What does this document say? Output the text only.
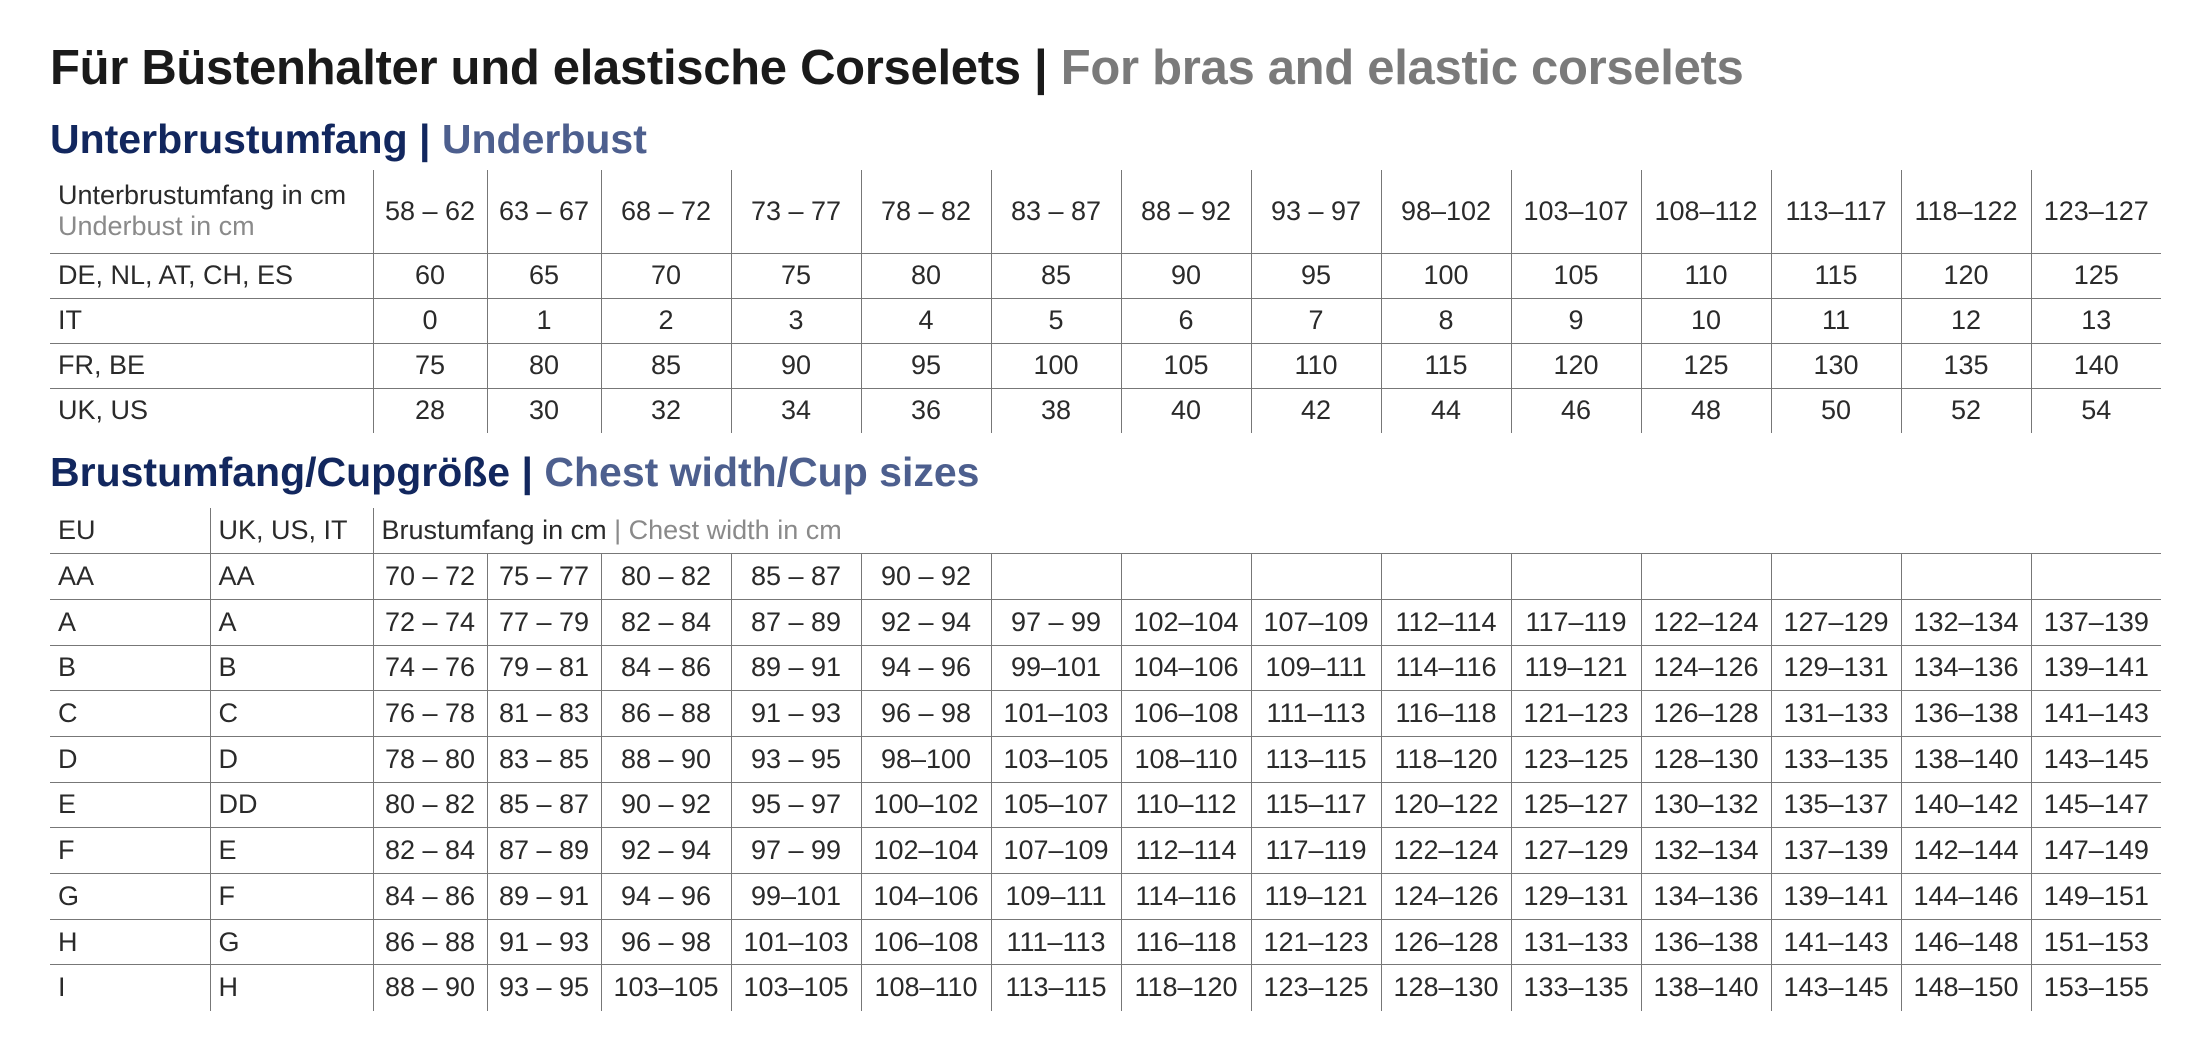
Für Büstenhalter und elastische Corselets | For bras and elastic corselets
Unterbrustumfang | Underbust
Unterbrustumfang in cm
Underbust in cm	58 – 62	63 – 67	68 – 72	73 – 77	78 – 82	83 – 87	88 – 92	93 – 97	98–102	103–107	108–112	113–117	118–122	123–127
DE, NL, AT, CH, ES	60	65	70	75	80	85	90	95	100	105	110	115	120	125
IT	0	1	2	3	4	5	6	7	8	9	10	11	12	13
FR, BE	75	80	85	90	95	100	105	110	115	120	125	130	135	140
UK, US	28	30	32	34	36	38	40	42	44	46	48	50	52	54
Brustumfang/Cupgröße | Chest width/Cup sizes
EU	UK, US, IT	Brustumfang in cm | Chest width in cm													
AA	AA	70 – 72	75 – 77	80 – 82	85 – 87	90 – 92									
A	A	72 – 74	77 – 79	82 – 84	87 – 89	92 – 94	97 – 99	102–104	107–109	112–114	117–119	122–124	127–129	132–134	137–139
B	B	74 – 76	79 – 81	84 – 86	89 – 91	94 – 96	99–101	104–106	109–111	114–116	119–121	124–126	129–131	134–136	139–141
C	C	76 – 78	81 – 83	86 – 88	91 – 93	96 – 98	101–103	106–108	111–113	116–118	121–123	126–128	131–133	136–138	141–143
D	D	78 – 80	83 – 85	88 – 90	93 – 95	98–100	103–105	108–110	113–115	118–120	123–125	128–130	133–135	138–140	143–145
E	DD	80 – 82	85 – 87	90 – 92	95 – 97	100–102	105–107	110–112	115–117	120–122	125–127	130–132	135–137	140–142	145–147
F	E	82 – 84	87 – 89	92 – 94	97 – 99	102–104	107–109	112–114	117–119	122–124	127–129	132–134	137–139	142–144	147–149
G	F	84 – 86	89 – 91	94 – 96	99–101	104–106	109–111	114–116	119–121	124–126	129–131	134–136	139–141	144–146	149–151
H	G	86 – 88	91 – 93	96 – 98	101–103	106–108	111–113	116–118	121–123	126–128	131–133	136–138	141–143	146–148	151–153
I	H	88 – 90	93 – 95	103–105	103–105	108–110	113–115	118–120	123–125	128–130	133–135	138–140	143–145	148–150	153–155
